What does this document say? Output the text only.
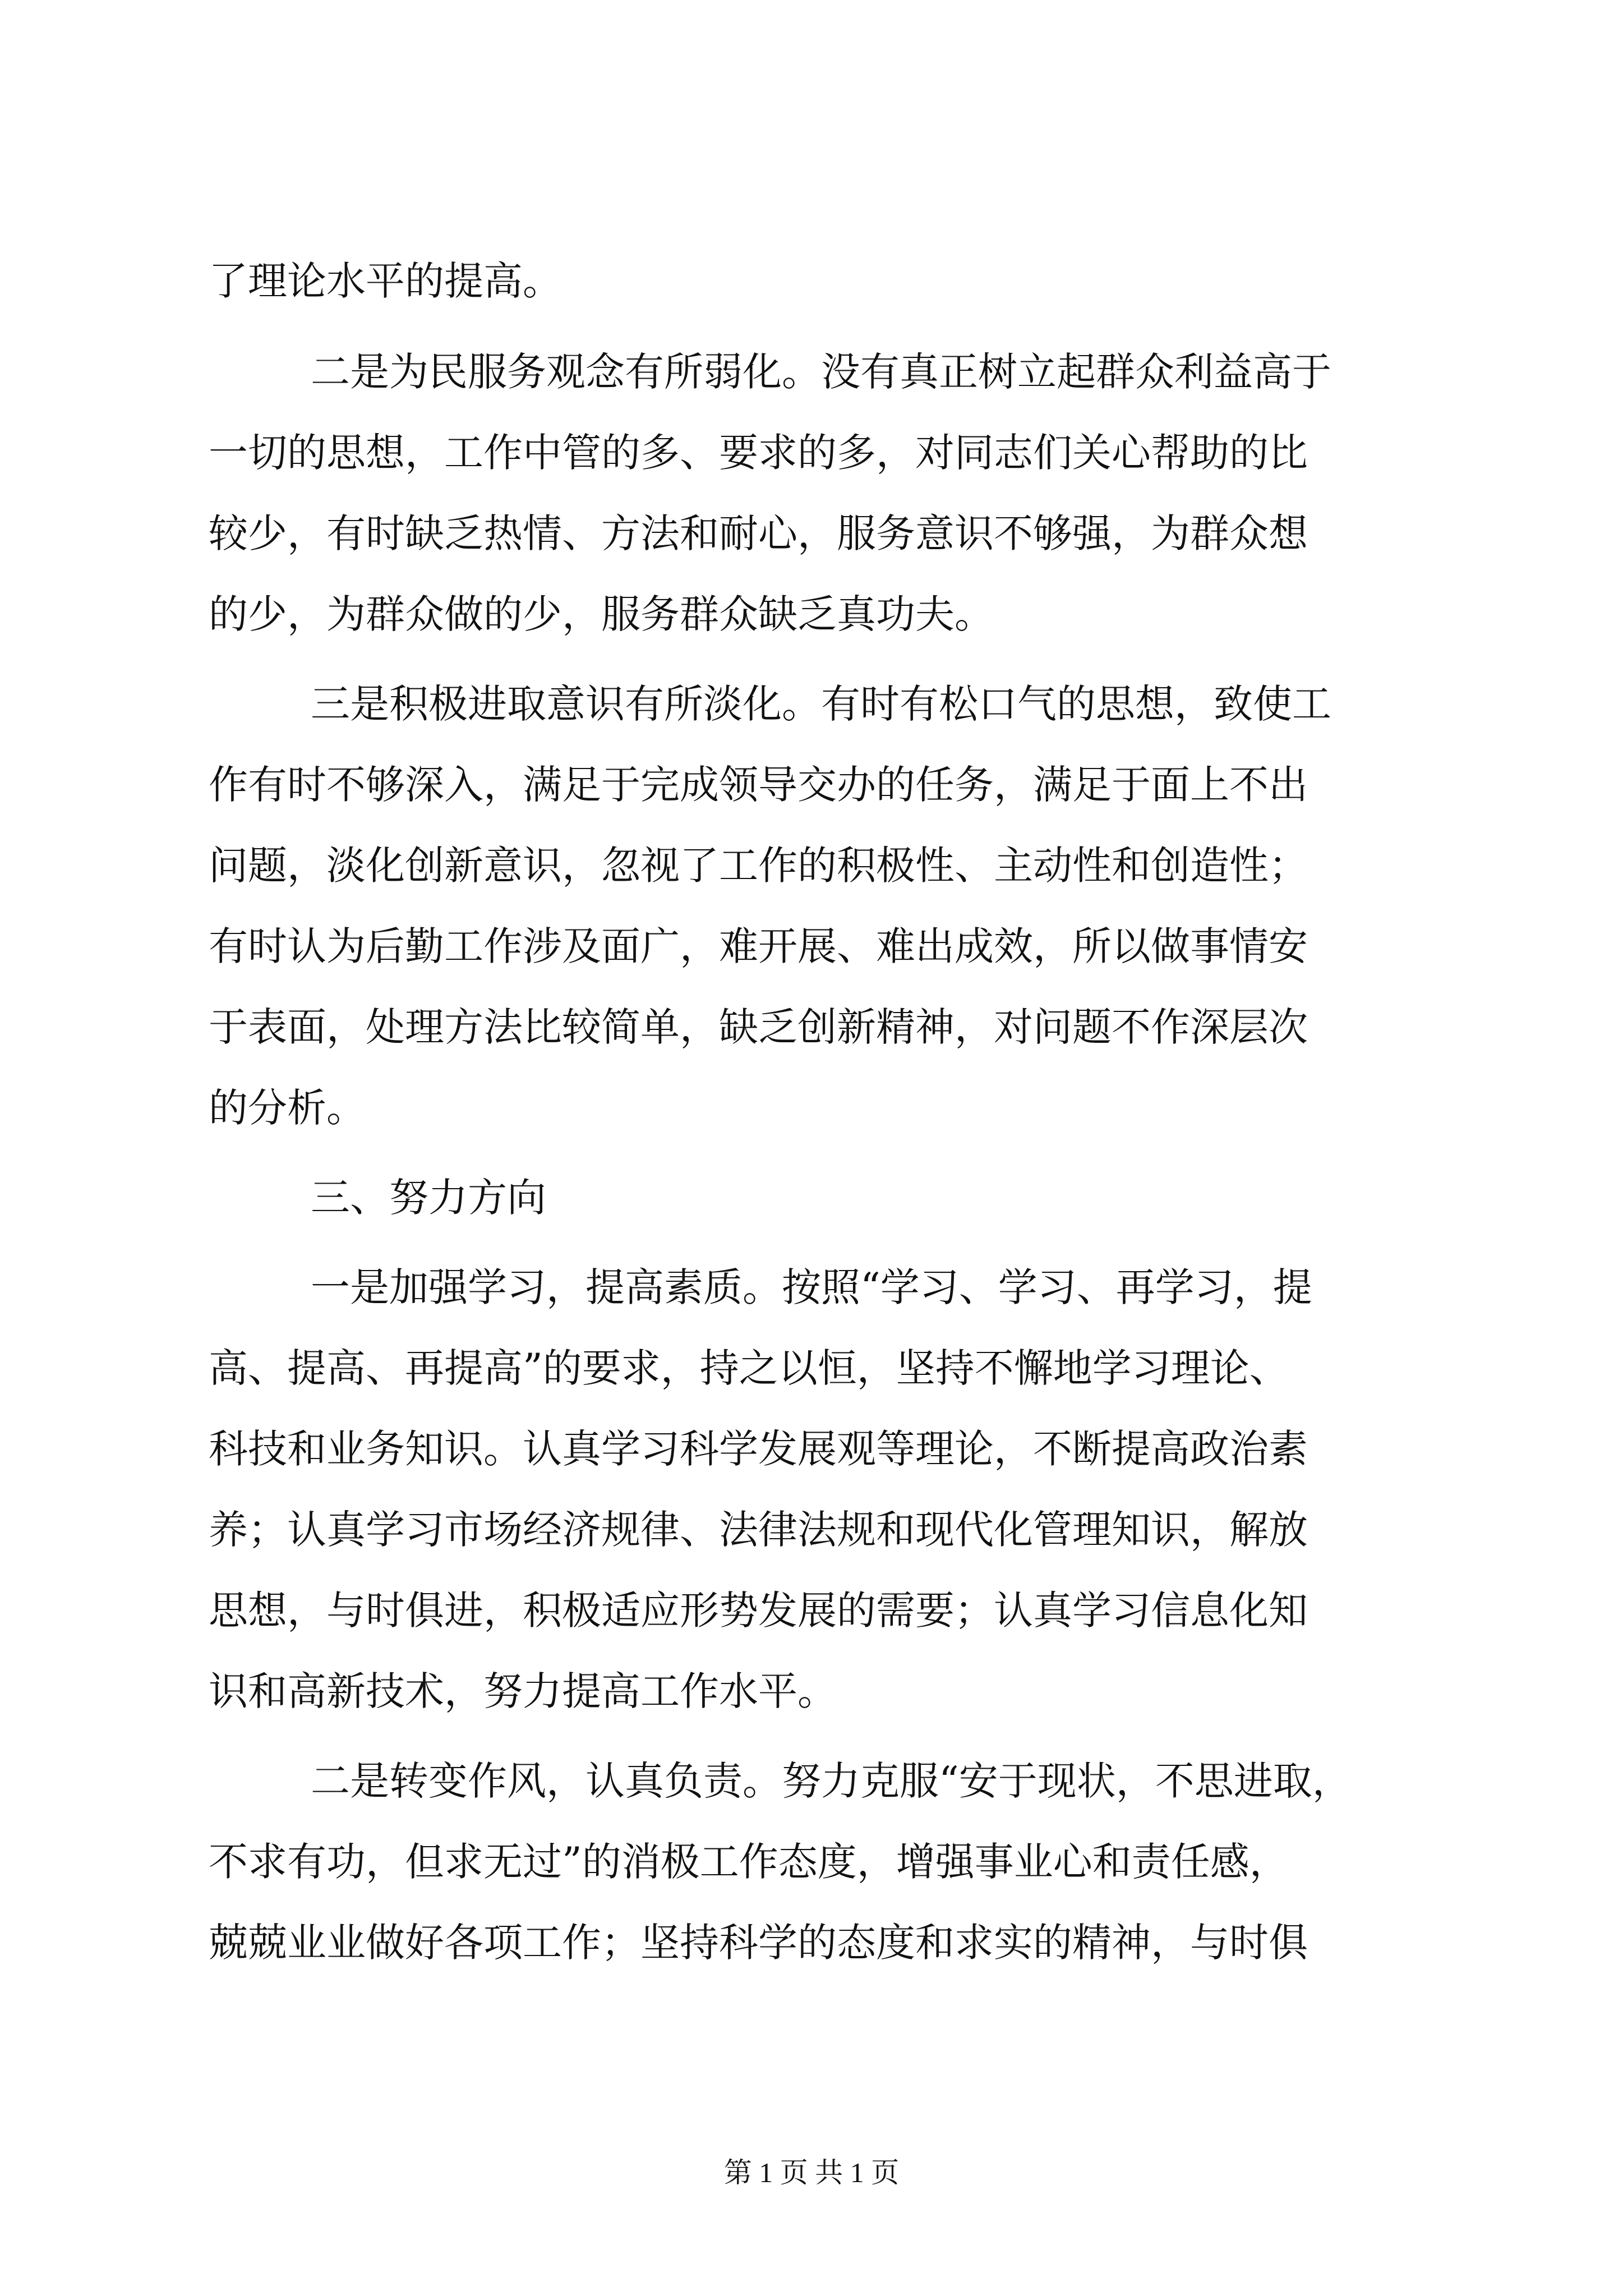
了理论水平的提高。

二是为民服务观念有所弱化。没有真正树立起群众利益高于

一切的思想，工作中管的多、要求的多，对同志们关心帮助的比

较少，有时缺乏热情、方法和耐心，服务意识不够强，为群众想

的少，为群众做的少，服务群众缺乏真功夫。

三是积极进取意识有所淡化。有时有松口气的思想，致使工

作有时不够深入，满足于完成领导交办的任务，满足于面上不出

问题，淡化创新意识，忽视了工作的积极性、主动性和创造性；

有时认为后勤工作涉及面广，难开展、难出成效，所以做事情安

于表面，处理方法比较简单，缺乏创新精神，对问题不作深层次

的分析。

三、努力方向

一是加强学习，提高素质。按照“学习、学习、再学习，提

高、提高、再提高”的要求，持之以恒，坚持不懈地学习理论、

科技和业务知识。认真学习科学发展观等理论，不断提高政治素

养；认真学习市场经济规律、法律法规和现代化管理知识，解放

思想，与时俱进，积极适应形势发展的需要；认真学习信息化知

识和高新技术，努力提高工作水平。

二是转变作风，认真负责。努力克服“安于现状，不思进取，

不求有功，但求无过”的消极工作态度，增强事业心和责任感，

兢兢业业做好各项工作；坚持科学的态度和求实的精神，与时俱

第 1 页 共 1 页
